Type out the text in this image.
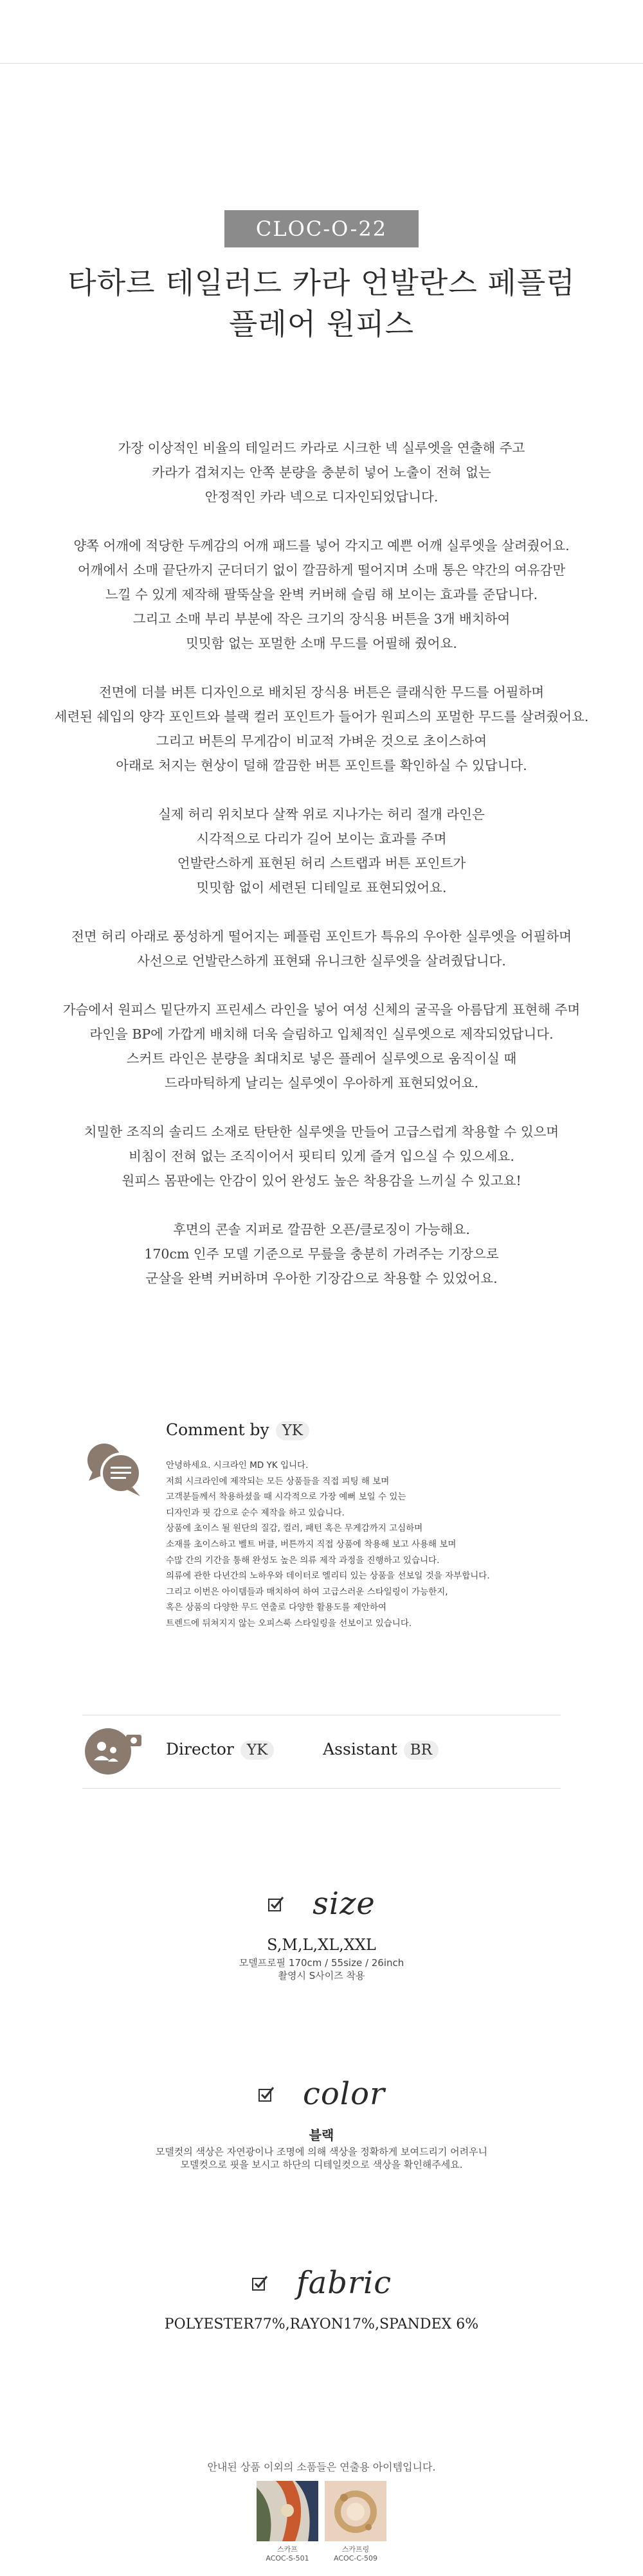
CLOC-O-22
타하르 테일러드 카라 언발란스 페플럼
플레어 원피스

가장 이상적인 비율의 테일러드 카라로 시크한 넥 실루엣을 연출해 주고
카라가 겹쳐지는 안쪽 분량을 충분히 넣어 노출이 전혀 없는
안정적인 카라 넥으로 디자인되었답니다.

양쪽 어깨에 적당한 두께감의 어깨 패드를 넣어 각지고 예쁜 어깨 실루엣을 살려줬어요.
어깨에서 소매 끝단까지 군더더기 없이 깔끔하게 떨어지며 소매 통은 약간의 여유감만
느낄 수 있게 제작해 팔뚝살을 완벽 커버해 슬림 해 보이는 효과를 준답니다.
그리고 소매 부리 부분에 작은 크기의 장식용 버튼을 3개 배치하여
밋밋함 없는 포멀한 소매 무드를 어필해 줬어요.

전면에 더블 버튼 디자인으로 배치된 장식용 버튼은 클래식한 무드를 어필하며
세련된 쉐입의 양각 포인트와 블랙 컬러 포인트가 들어가 원피스의 포멀한 무드를 살려줬어요.
그리고 버튼의 무게감이 비교적 가벼운 것으로 초이스하여
아래로 처지는 현상이 덜해 깔끔한 버튼 포인트를 확인하실 수 있답니다.

실제 허리 위치보다 살짝 위로 지나가는 허리 절개 라인은
시각적으로 다리가 길어 보이는 효과를 주며
언발란스하게 표현된 허리 스트랩과 버튼 포인트가
밋밋함 없이 세련된 디테일로 표현되었어요.

전면 허리 아래로 풍성하게 떨어지는 페플럼 포인트가 특유의 우아한 실루엣을 어필하며
사선으로 언발란스하게 표현돼 유니크한 실루엣을 살려줬답니다.

가슴에서 원피스 밑단까지 프린세스 라인을 넣어 여성 신체의 굴곡을 아름답게 표현해 주며
라인을 BP에 가깝게 배치해 더욱 슬림하고 입체적인 실루엣으로 제작되었답니다.
스커트 라인은 분량을 최대치로 넣은 플레어 실루엣으로 움직이실 때
드라마틱하게 날리는 실루엣이 우아하게 표현되었어요.

치밀한 조직의 솔리드 소재로 탄탄한 실루엣을 만들어 고급스럽게 착용할 수 있으며
비침이 전혀 없는 조직이어서 핏티티 있게 즐겨 입으실 수 있으세요.
원피스 몸판에는 안감이 있어 완성도 높은 착용감을 느끼실 수 있고요!

후면의 콘솔 지퍼로 깔끔한 오픈/클로징이 가능해요.
170cm 인주 모델 기준으로 무릎을 충분히 가려주는 기장으로
군살을 완벽 커버하며 우아한 기장감으로 착용할 수 있었어요.

Comment by YK
안녕하세요. 시크라인 MD YK 입니다.
저희 시크라인에 제작되는 모든 상품들을 직접 피팅 해 보며
고객분들께서 착용하셨을 때 시각적으로 가장 예뻐 보일 수 있는
디자인과 핏 감으로 순수 제작을 하고 있습니다.
상품에 초이스 될 원단의 질감, 컬러, 패턴 혹은 무게감까지 고심하며
소재를 초이스하고 벨트 버클, 버튼까지 직접 상품에 착용해 보고 사용해 보며
수많 간의 기간을 통해 완성도 높은 의류 제작 과정을 진행하고 있습니다.
의류에 관한 다년간의 노하우와 데이터로 엘리티 있는 상품을 선보일 것을 자부합니다.
그리고 이번은 아이템들과 매치하여 하여 고급스러운 스타일링이 가능한지,
혹은 상품의 다양한 무드 연출로 다양한 활용도를 제안하여
트렌드에 뒤쳐지지 않는 오피스룩 스타일링을 선보이고 있습니다.
Director YK	Assistant BR
size
S,M,L,XL,XXL
모델프로필 170cm / 55size / 26inch
촬영시 S사이즈 착용
color
블랙
모델컷의 색상은 자연광이나 조명에 의해 색상을 정확하게 보여드리기 어려우니
모델컷으로 핏을 보시고 하단의 디테일컷으로 색상을 확인해주세요.
fabric
POLYESTER77%,RAYON17%,SPANDEX 6%
안내된 상품 이외의 소품들은 연출용 아이템입니다.
스카프
ACOC-S-501
스카프링
ACOC-C-509
